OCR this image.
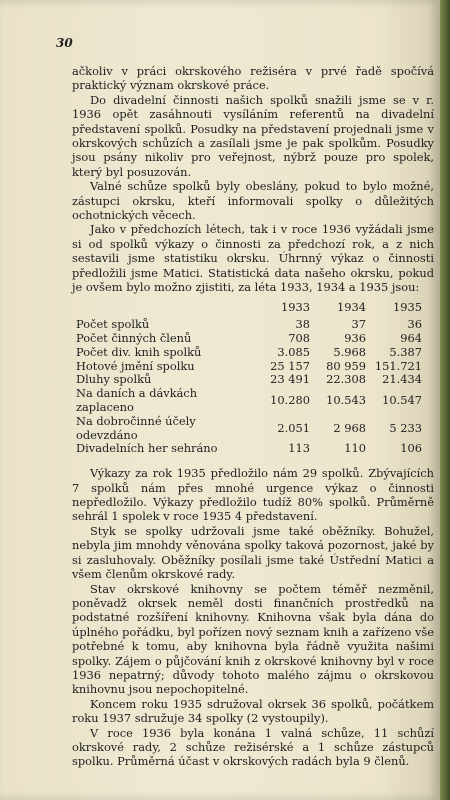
30

ačkoliv v práci okrskového režiséra v prvé řadě spočívá praktický význam okrskové práce.

Do divadelní činnosti našich spolků snažili jsme se v r. 1936 opět zasáhnouti vysíláním referentů na divadelní představení spolků. Posudky na představení projednali jsme v okrskových schůzích a zasílali jsme je pak spolkům. Posudky jsou psány nikoliv pro veřejnost, nýbrž pouze pro spolek, který byl posuzován.

Valné schůze spolků byly obeslány, pokud to bylo možné, zástupci okrsku, kteří informovali spolky o důležitých ochotnických věcech.

Jako v předchozích létech, tak i v roce 1936 vyžádali jsme si od spolků výkazy o činnosti za předchozí rok, a z nich sestavili jsme statistiku okrsku. Úhrnný výkaz o činnosti předložili jsme Matici. Statistická data našeho okrsku, pokud je ovšem bylo možno zjistiti, za léta 1933, 1934 a 1935 jsou:

	1933	1934	1935
Počet spolků	38	37	36
Počet činných členů	708	936	964
Počet div. knih spolků	3.085	5.968	5.387
Hotové jmění spolku	25 157	80 959	151.721
Dluhy spolků	23 491	22.308	21.434
Na daních a dávkách zaplaceno	10.280	10.543	10.547
Na dobročinné účely odevzdáno	2.051	2 968	5 233
Divadelních her sehráno	113	110	106

Výkazy za rok 1935 předložilo nám 29 spolků. Zbývajících 7 spolků nám přes mnohé urgence výkaz o činnosti nepředložilo. Výkazy předložilo tudíž 80% spolků. Průměrně sehrál 1 spolek v roce 1935 4 představení.

Styk se spolky udržovali jsme také oběžníky. Bohužel, nebyla jim mnohdy věnována spolky taková pozornost, jaké by si zasluhovaly. Oběžníky posílali jsme také Ústřední Matici a všem členům okrskové rady.

Stav okrskové knihovny se počtem téměř nezměnil, poněvadž okrsek neměl dosti finančních prostředků na podstatné rozšíření knihovny. Knihovna však byla dána do úplného pořádku, byl pořízen nový seznam knih a zařízeno vše potřebné k tomu, aby knihovna byla řádně využita našimi spolky. Zájem o půjčování knih z okrskové knihovny byl v roce 1936 nepatrný; důvody tohoto malého zájmu o okrskovou knihovnu jsou nepochopitelné.

Koncem roku 1935 sdružoval okrsek 36 spolků, počátkem roku 1937 sdružuje 34 spolky (2 vystoupily).

V roce 1936 byla konána 1 valná schůze, 11 schůzí okrskové rady, 2 schůze režisérské a 1 schůze zástupců spolku. Průměrná účast v okrskových radách byla 9 členů.
